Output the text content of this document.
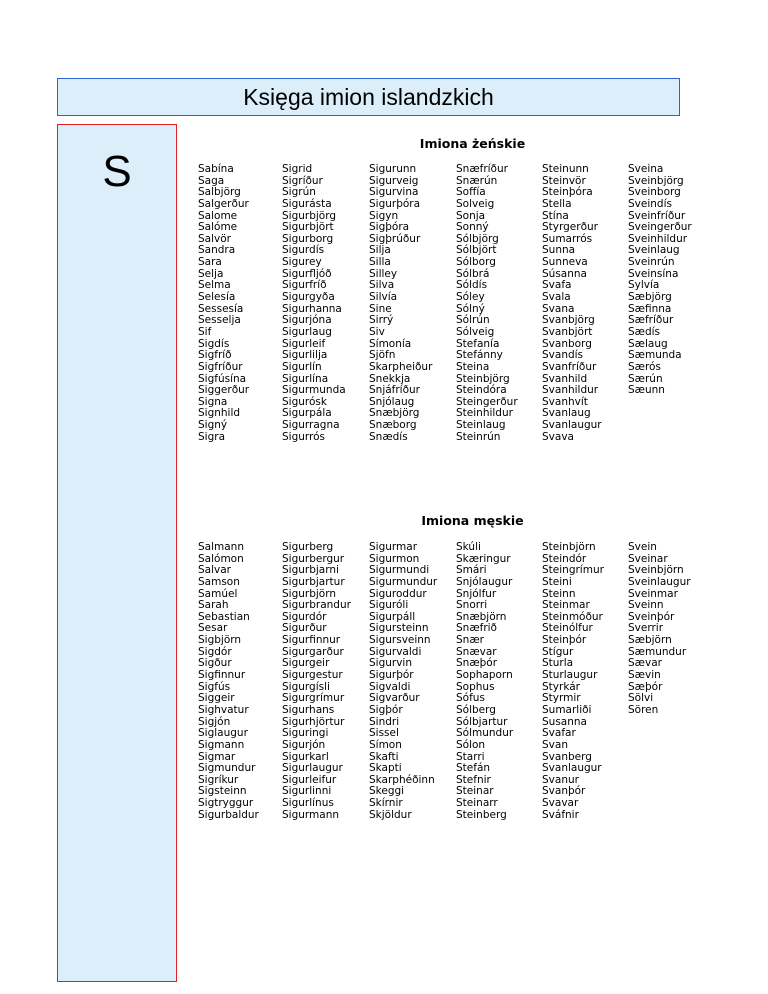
Księga imion islandzkich
S
Imiona żeńskie
Imiona męskie
Sabína
Saga
Salbjörg
Salgerður
Salome
Salóme
Salvör
Sandra
Sara
Selja
Selma
Selesía
Sessesía
Sesselja
Sif
Sigdís
Sigfríð
Sigfríður
Sigfúsína
Siggerður
Signa
Signhild
Signý
Sigra
Sigrid
Sigríður
Sigrún
Sigurásta
Sigurbjörg
Sigurbjört
Sigurborg
Sigurdís
Sigurey
Sigurfljóð
Sigurfríð
Sigurgyða
Sigurhanna
Sigurjóna
Sigurlaug
Sigurleif
Sigurlilja
Sigurlín
Sigurlína
Sigurmunda
Sigurósk
Sigurpála
Sigurragna
Sigurrós
Sigurunn
Sigurveig
Sigurvina
Sigurþóra
Sigyn
Sigþóra
Sigþrúður
Silja
Silla
Silley
Silva
Silvía
Sine
Sirrý
Siv
Símonía
Sjöfn
Skarpheiður
Snekkja
Snjáfríður
Snjólaug
Snæbjörg
Snæborg
Snædís
Snæfríður
Snærún
Soffía
Solveig
Sonja
Sonný
Sólbjörg
Sólbjört
Sólborg
Sólbrá
Sóldís
Sóley
Sólný
Sólrún
Sólveig
Stefanía
Stefánny
Steina
Steinbjörg
Steindóra
Steingerður
Steinhildur
Steinlaug
Steinrún
Steinunn
Steinvör
Steinþóra
Stella
Stína
Styrgerður
Sumarrós
Sunna
Sunneva
Súsanna
Svafa
Svala
Svana
Svanbjörg
Svanbjört
Svanborg
Svandís
Svanfríður
Svanhild
Svanhildur
Svanhvít
Svanlaug
Svanlaugur
Svava
Sveina
Sveinbjörg
Sveinborg
Sveindís
Sveinfríður
Sveingerður
Sveinhildur
Sveinlaug
Sveinrún
Sveinsína
Sylvía
Sæbjörg
Sæfinna
Sæfríður
Sædís
Sælaug
Sæmunda
Særós
Særún
Sæunn
Salmann
Salómon
Salvar
Samson
Samúel
Sarah
Sebastian
Sesar
Sigbjörn
Sigdór
Sigður
Sigfinnur
Sigfús
Siggeir
Sighvatur
Sigjón
Siglaugur
Sigmann
Sigmar
Sigmundur
Sigríkur
Sigsteinn
Sigtryggur
Sigurbaldur
Sigurberg
Sigurbergur
Sigurbjarni
Sigurbjartur
Sigurbjörn
Sigurbrandur
Sigurdór
Sigurður
Sigurfinnur
Sigurgarður
Sigurgeir
Sigurgestur
Sigurgísli
Sigurgrímur
Sigurhans
Sigurhjörtur
Siguringi
Sigurjón
Sigurkarl
Sigurlaugur
Sigurleifur
Sigurlinni
Sigurlínus
Sigurmann
Sigurmar
Sigurmon
Sigurmundi
Sigurmundur
Siguroddur
Siguróli
Sigurpáll
Sigursteinn
Sigursveinn
Sigurvaldi
Sigurvin
Sigurþór
Sigvaldi
Sigvarður
Sigþór
Sindri
Sissel
Símon
Skafti
Skapti
Skarphéðinn
Skeggi
Skírnir
Skjöldur
Skúli
Skæringur
Smári
Snjólaugur
Snjólfur
Snorri
Snæbjörn
Snæfrið
Snær
Snævar
Snæþór
Sophaporn
Sophus
Sófus
Sólberg
Sólbjartur
Sólmundur
Sólon
Starri
Stefán
Stefnir
Steinar
Steinarr
Steinberg
Steinbjörn
Steindór
Steingrímur
Steini
Steinn
Steinmar
Steinmóður
Steinólfur
Steinþór
Stígur
Sturla
Sturlaugur
Styrkár
Styrmir
Sumarliði
Susanna
Svafar
Svan
Svanberg
Svanlaugur
Svanur
Svanþór
Svavar
Sváfnir
Svein
Sveinar
Sveinbjörn
Sveinlaugur
Sveinmar
Sveinn
Sveinþór
Sverrir
Sæbjörn
Sæmundur
Sævar
Sævin
Sæþór
Sölvi
Sören
